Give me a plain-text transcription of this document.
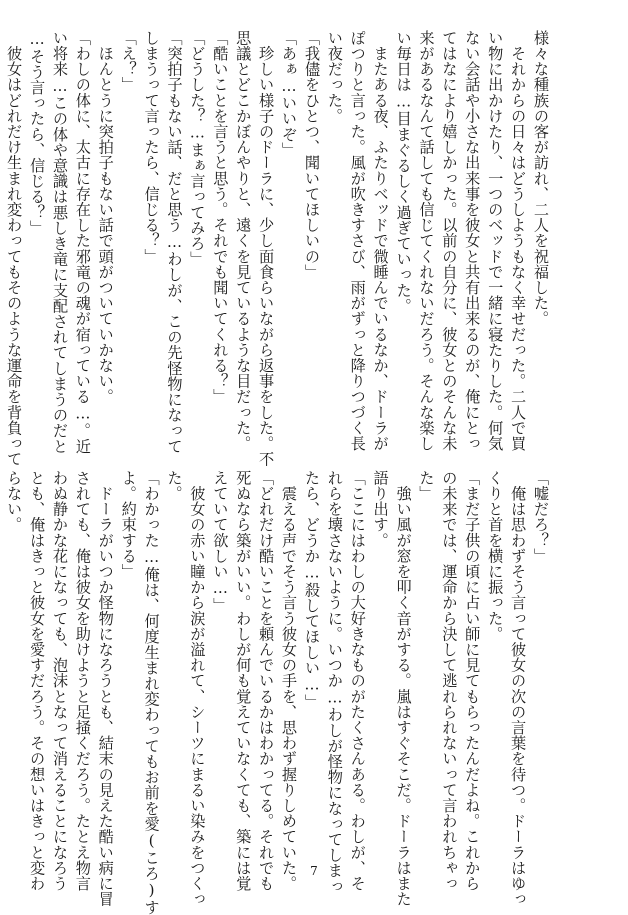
様々な種族の客が訪れ、二人を祝福した。
　それからの日々はどうしようもなく幸せだった。二人で買
い物に出かけたり、一つのベッドで一緒に寝たりした。何気
ない会話や小さな出来事を彼女と共有出来るのが、俺にとっ
てはなにより嬉しかった。以前の自分に、彼女とのそんな未
来があるなんて話しても信じてくれないだろう。そんな楽し
い毎日は…目まぐるしく過ぎていった。
　またある夜、ふたりベッドで微睡んでいるなか、ドーラが
ぽつりと言った。風が吹きすさび、雨がずっと降りつづく長
い夜だった。
「我儘をひとつ、聞いてほしいの」
「あぁ…いいぞ」
　珍しい様子のドーラに、少し面食らいながら返事をした。不
思議とどこかぼんやりと、遠くを見ているような目だった。
「酷いことを言うと思う。それでも聞いてくれる？」
「どうした？…まぁ言ってみろ」
「突拍子もない話、だと思う…わしが、この先怪物になって
しまうって言ったら、信じる？」
「え？」
　ほんとうに突拍子もない話で頭がついていかない。
「わしの体に、太古に存在した邪竜の魂が宿っている…。近
い将来…この体や意識は悪しき竜に支配されてしまうのだと
…そう言ったら、信じる？」
　彼女はどれだけ生まれ変わってもそのような運命を背負って
「嘘だろ？」
　俺は思わずそう言って彼女の次の言葉を待つ。ドーラはゆっ
くりと首を横に振った。
「まだ子供の頃に占い師に見てもらったんだよね。これから
の未来では、運命から決して逃れられないって言われちゃっ
た」
　強い風が窓を叩く音がする。嵐はすぐそこだ。ドーラはまた
語り出す。
「ここにはわしの大好きなものがたくさんある。わしが、そ
れらを壊さないように。いつか…わしが怪物になってしまっ
たら、どうか…殺してほしい…」
　震える声でそう言う彼女の手を、思わず握りしめていた。
「どれだけ酷いことを頼んでいるかはわかってる。それでも
死ぬなら築がいい。わしが何も覚えていなくても、築には覚
えていて欲しい…」
　彼女の赤い瞳から涙が溢れて、シーツにまるい染みをつくっ
た。
「わかった…俺は、何度生まれ変わってもお前を愛(ころ)す
よ。約束する」
　ドーラがいつか怪物になろうとも、結末の見えた酷い病に冒
されても、俺は彼女を助けようと足掻くだろう。たとえ物言
わぬ静かな花になっても、泡沫となって消えることになろう
とも、俺はきっと彼女を愛すだろう。その想いはきっと変わ
らない。
7
